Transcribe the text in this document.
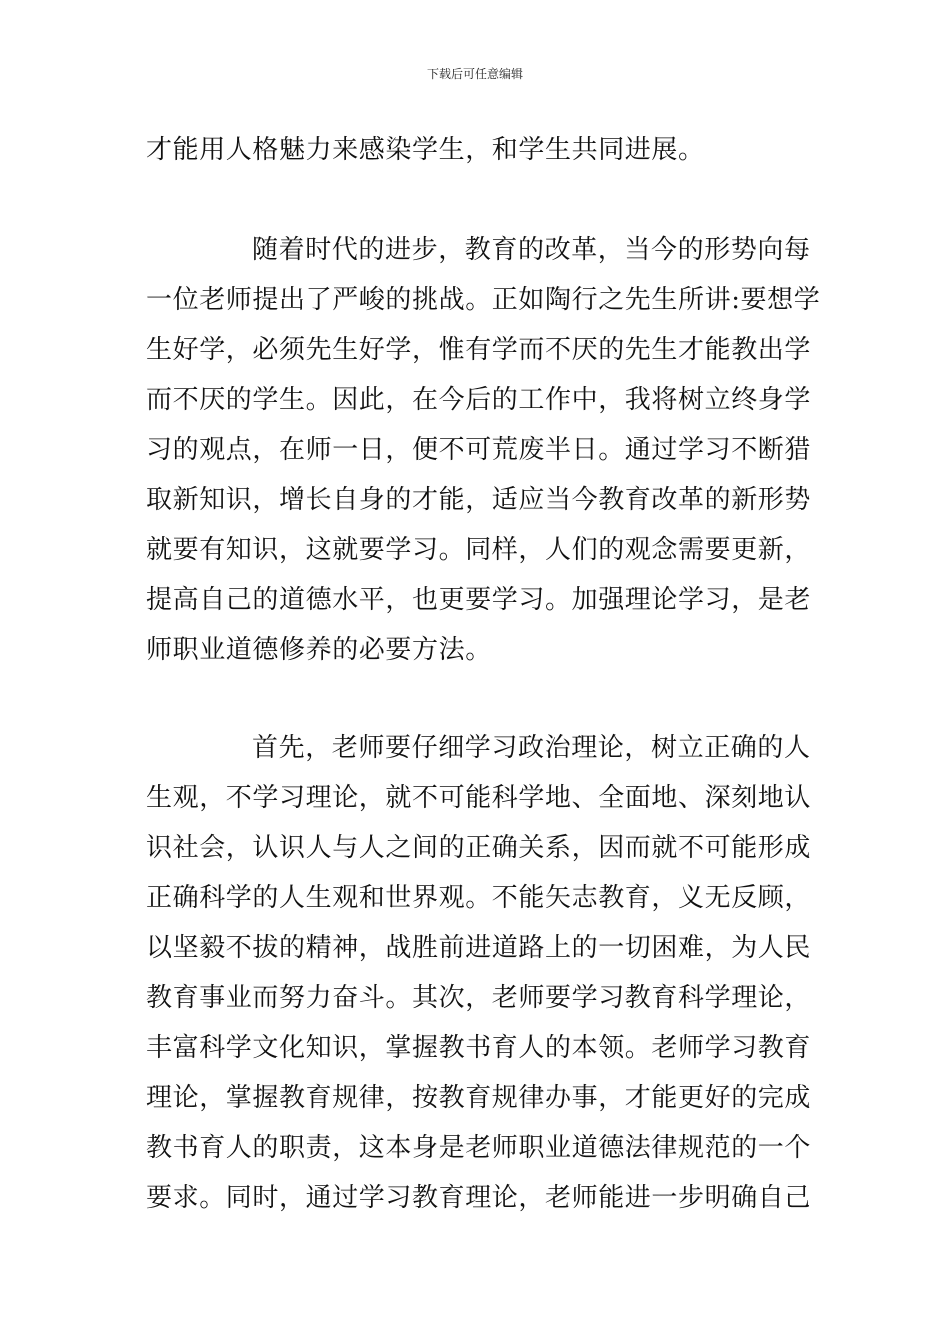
下载后可任意编辑
才能用人格魅力来感染学生，和学生共同进展。
随着时代的进步，教育的改革，当今的形势向每
一位老师提出了严峻的挑战。正如陶行之先生所讲:要想学
生好学，必须先生好学，惟有学而不厌的先生才能教出学
而不厌的学生。因此，在今后的工作中，我将树立终身学
习的观点，在师一日，便不可荒废半日。通过学习不断猎
取新知识，增长自身的才能，适应当今教育改革的新形势
就要有知识，这就要学习。同样，人们的观念需要更新，
提高自己的道德水平，也更要学习。加强理论学习，是老
师职业道德修养的必要方法。
首先，老师要仔细学习政治理论，树立正确的人
生观，不学习理论，就不可能科学地、全面地、深刻地认
识社会，认识人与人之间的正确关系，因而就不可能形成
正确科学的人生观和世界观。不能矢志教育，义无反顾，
以坚毅不拔的精神，战胜前进道路上的一切困难，为人民
教育事业而努力奋斗。其次，老师要学习教育科学理论，
丰富科学文化知识，掌握教书育人的本领。老师学习教育
理论，掌握教育规律，按教育规律办事，才能更好的完成
教书育人的职责，这本身是老师职业道德法律规范的一个
要求。同时，通过学习教育理论，老师能进一步明确自己
